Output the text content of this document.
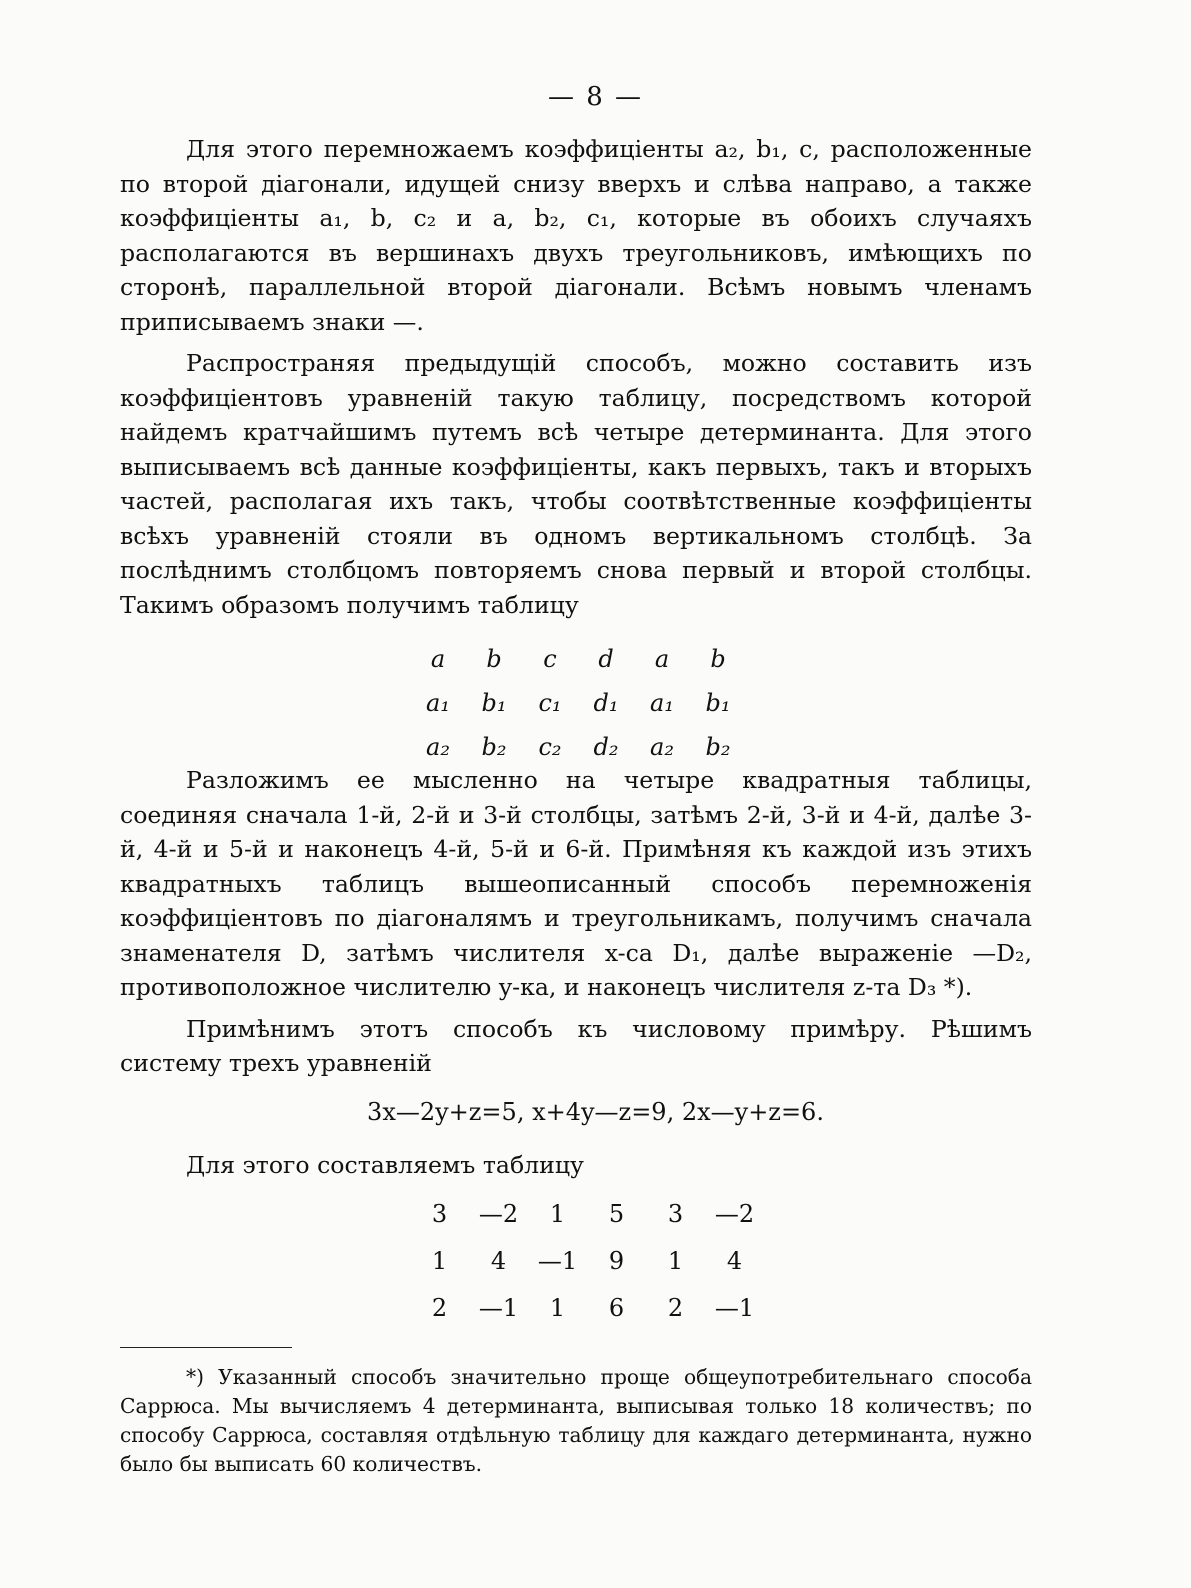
— 8 —

Для этого перемножаемъ коэффиціенты a₂, b₁, c, расположенные по второй діагонали, идущей снизу вверхъ и слѣва направо, а также коэффиціенты a₁, b, c₂ и a, b₂, c₁, которые въ обоихъ случаяхъ располагаются въ вершинахъ двухъ треугольниковъ, имѣющихъ по сторонѣ, параллельной второй діагонали. Всѣмъ новымъ членамъ приписываемъ знаки —.

Распространяя предыдущій способъ, можно составить изъ коэффиціентовъ уравненій такую таблицу, посредствомъ которой найдемъ кратчайшимъ путемъ всѣ четыре детерминанта. Для этого выписываемъ всѣ данные коэффиціенты, какъ первыхъ, такъ и вторыхъ частей, располагая ихъ такъ, чтобы соотвѣтственные коэффиціенты всѣхъ уравненій стояли въ одномъ вертикальномъ столбцѣ. За послѣднимъ столбцомъ повторяемъ снова первый и второй столбцы. Такимъ образомъ получимъ таблицу

a	b	c	d	a	b
a₁	b₁	c₁	d₁	a₁	b₁
a₂	b₂	c₂	d₂	a₂	b₂

Разложимъ ее мысленно на четыре квадратныя таблицы, соединяя сначала 1-й, 2-й и 3-й столбцы, затѣмъ 2-й, 3-й и 4-й, далѣе 3-й, 4-й и 5-й и наконецъ 4-й, 5-й и 6-й. Примѣняя къ каждой изъ этихъ квадратныхъ таблицъ вышеописанный способъ перемноженія коэффиціентовъ по діагоналямъ и треугольникамъ, получимъ сначала знаменателя D, затѣмъ числителя x-са D₁, далѣе выраженіе —D₂, противоположное числителю y-ка, и наконецъ числителя z-та D₃ *).

Примѣнимъ этотъ способъ къ числовому примѣру. Рѣшимъ систему трехъ уравненій

3x—2y+z=5, x+4y—z=9, 2x—y+z=6.
Для этого составляемъ таблицу
3	—2	1	5	3	—2
1	4	—1	9	1	4
2	—1	1	6	2	—1

*) Указанный способъ значительно проще общеупотребительнаго способа Саррюса. Мы вычисляемъ 4 детерминанта, выписывая только 18 количествъ; по способу Саррюса, составляя отдѣльную таблицу для каждаго детерминанта, нужно было бы выписать 60 количествъ.
